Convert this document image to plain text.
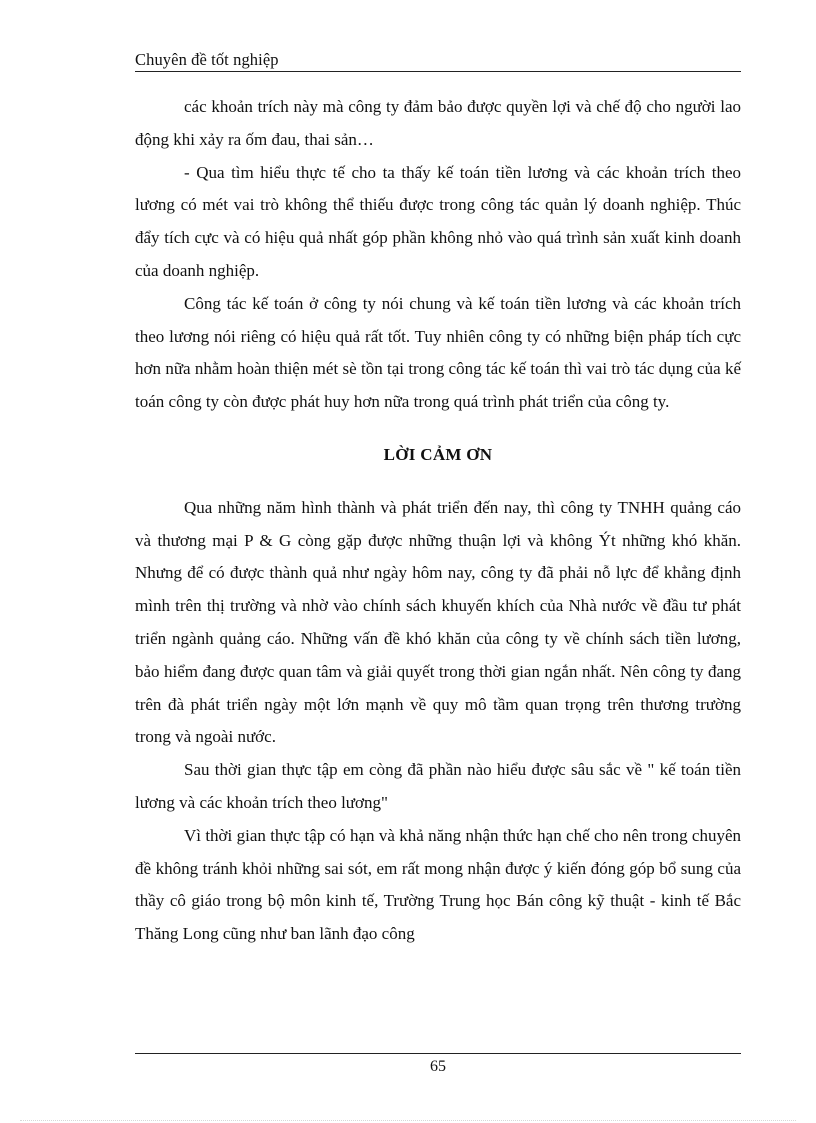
Chuyên đề tốt nghiệp

các khoản trích này mà công ty đảm bảo được quyền lợi và chế độ cho người lao động khi xảy ra ốm đau, thai sản…

- Qua tìm hiểu thực tế cho ta thấy kế toán tiền lương và các khoản trích theo lương có mét vai trò không thể thiếu được trong công tác quản lý doanh nghiệp. Thúc đẩy tích cực và có hiệu quả nhất góp phần không nhỏ vào quá trình sản xuất kinh doanh của doanh nghiệp.

Công tác kế toán ở công ty nói chung và kế toán tiền lương và các khoản trích theo lương nói riêng có hiệu quả rất tốt. Tuy nhiên công ty có những biện pháp tích cực hơn nữa nhằm hoàn thiện mét sè tồn tại trong công tác kế toán thì vai trò tác dụng của kế toán công ty còn được phát huy hơn nữa trong quá trình phát triển của công ty.

LỜI CẢM ƠN

Qua những năm hình thành và phát triển đến nay, thì công ty TNHH quảng cáo và thương mại P & G còng gặp được những thuận lợi và không Ýt những khó khăn. Nhưng để có được thành quả như ngày hôm nay, công ty đã phải nỗ lực để khẳng định mình trên thị trường và nhờ vào chính sách khuyến khích của Nhà nước về đầu tư phát triển ngành quảng cáo. Những vấn đề khó khăn của công ty về chính sách tiền lương, bảo hiểm đang được quan tâm và giải quyết trong thời gian ngắn nhất. Nên công ty đang trên đà phát triển ngày một lớn mạnh về quy mô tầm quan trọng trên thương trường trong và ngoài nước.

Sau thời gian thực tập em còng đã phần nào hiểu được sâu sắc về " kế toán tiền lương và các khoản trích theo lương"

Vì thời gian thực tập có hạn và khả năng nhận thức hạn chế cho nên trong chuyên đề không tránh khỏi những sai sót, em rất mong nhận được ý kiến đóng góp bổ sung của thầy cô giáo trong bộ môn kinh tế, Trường Trung học Bán công kỹ thuật - kinh tế Bắc Thăng Long cũng như ban lãnh đạo công

65
